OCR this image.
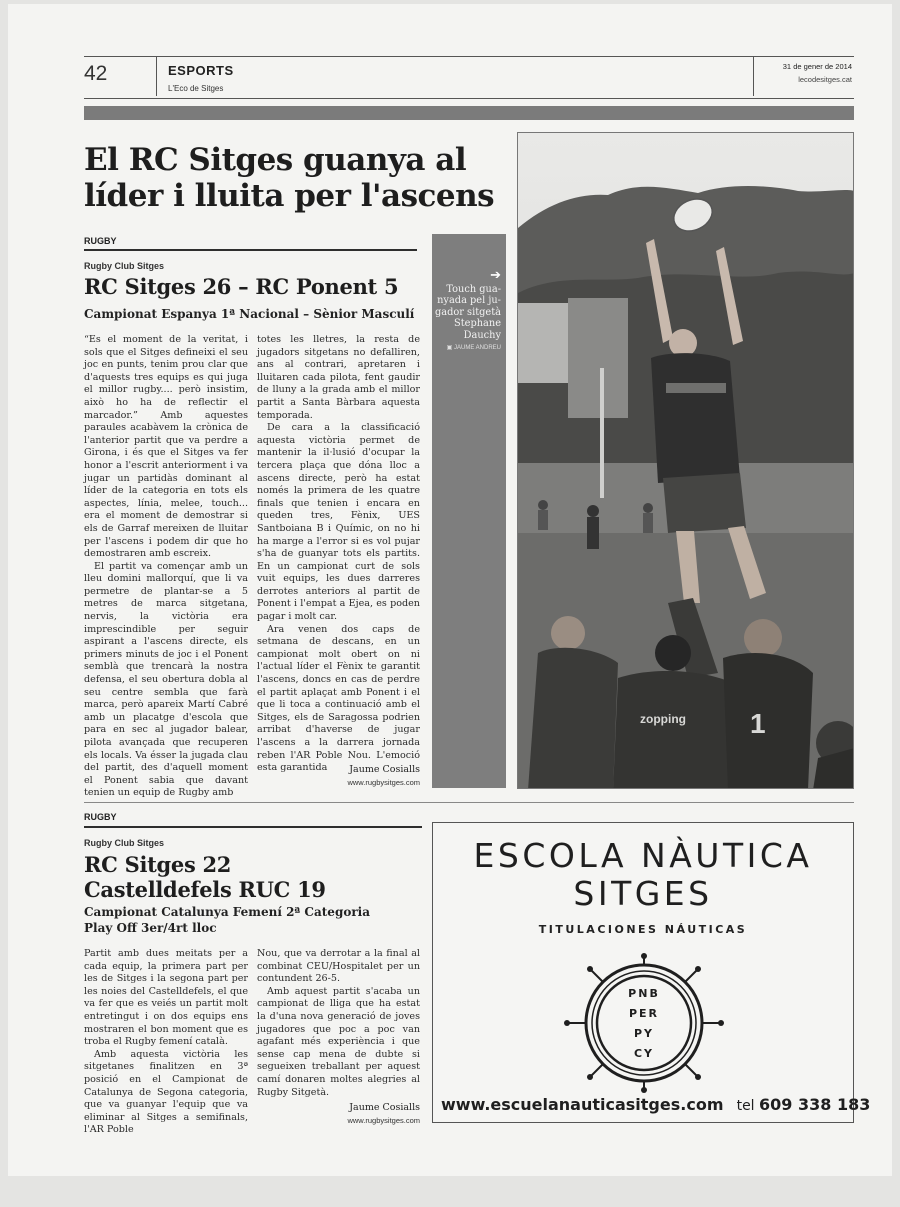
42	ESPORTS
L'Eco de Sitges
31 de gener de 2014
lecodesitges.cat
El RC Sitges guanya al
líder i lluita per l'ascens
RUGBY
Rugby Club Sitges
RC Sitges 26 – RC Ponent 5
Campionat Espanya 1ª Nacional – Sènior Masculí

“Es el moment de la veritat, i sols que el Sitges defineixi el seu joc en punts, tenim prou clar que d'aquests tres equips es qui juga el millor rugby.... però insistim, això ho ha de reflectir el marcador.” Amb aquestes paraules acabàvem la crònica de l'anterior partit que va perdre a Girona, i és que el Sitges va fer honor a l'escrit anteriorment i va jugar un partidàs dominant al líder de la categoria en tots els aspectes, línia, melee, touch... era el moment de demostrar si els de Garraf mereixen de lluitar per l'ascens i podem dir que ho demostraren amb escreix.

El partit va començar amb un lleu domini mallorquí, que li va permetre de plantar-se a 5 metres de marca sitgetana, nervis, la victòria era imprescindible per seguir aspirant a l'ascens directe, els primers minuts de joc i el Ponent semblà que trencarà la nostra defensa, el seu obertura dobla al seu centre sembla que farà marca, però apareix Martí Cabré amb un placatge d'escola que para en sec al jugador balear, pilota avançada que recuperen els locals. Va ésser la jugada clau del partit, des d'aquell moment el Ponent sabia que davant tenien un equip de Rugby amb

totes les lletres, la resta de jugadors sitgetans no defalliren, ans al contrari, apretaren i lluitaren cada pilota, fent gaudir de lluny a la grada amb el millor partit a Santa Bàrbara aquesta temporada.

De cara a la classificació aquesta victòria permet de mantenir la il·lusió d'ocupar la tercera plaça que dóna lloc a ascens directe, però ha estat només la primera de les quatre finals que tenien i encara en queden tres, Fènix, UES Santboiana B i Químic, on no hi ha marge a l'error si es vol pujar s'ha de guanyar tots els partits. En un campionat curt de sols vuit equips, les dues darreres derrotes anteriors al partit de Ponent i l'empat a Ejea, es poden pagar i molt car.

Ara venen dos caps de setmana de descans, en un campionat molt obert on ni l'actual líder el Fènix te garantit l'ascens, doncs en cas de perdre el partit aplaçat amb Ponent i el que li toca a continuació amb el Sitges, els de Saragossa podrien arribat d'haverse de jugar l'ascens a la darrera jornada reben l'AR Poble Nou. L'emoció esta garantida	Jaume Cosialls
www.rugbysitges.com
➔
Touch gua-
nyada pel ju-
gador sitgetà
Stephane
Dauchy
▣ JAUME ANDREU
zopping 1
RUGBY
Rugby Club Sitges
RC Sitges 22
Castelldefels RUC 19
Campionat Catalunya Femení 2ª Categoria
Play Off 3er/4rt lloc

Partit amb dues meitats per a cada equip, la primera part per les de Sitges i la segona part per les noies del Castelldefels, el que va fer que es veiés un partit molt entretingut i on dos equips ens mostraren el bon moment que es troba el Rugby femení català.

Amb aquesta victòria les sitgetanes finalitzen en 3ª posició en el Campionat de Catalunya de Segona categoria, que va guanyar l'equip que va eliminar al Sitges a semifinals, l'AR Poble

Nou, que va derrotar a la final al combinat CEU/Hospitalet per un contundent 26-5.

Amb aquest partit s'acaba un campionat de lliga que ha estat la d'una nova generació de joves jugadores que poc a poc van agafant més experiència i que sense cap mena de dubte si segueixen treballant per aquest camí donaren moltes alegries al Rugby Sitgetà.

Jaume Cosialls
www.rugbysitges.com
ESCOLA NÀUTICA
SITGES
TITULACIONES NÁUTICAS
PNB
PER
PY
CY
www.escuelanauticasitges.com tel 609 338 183
